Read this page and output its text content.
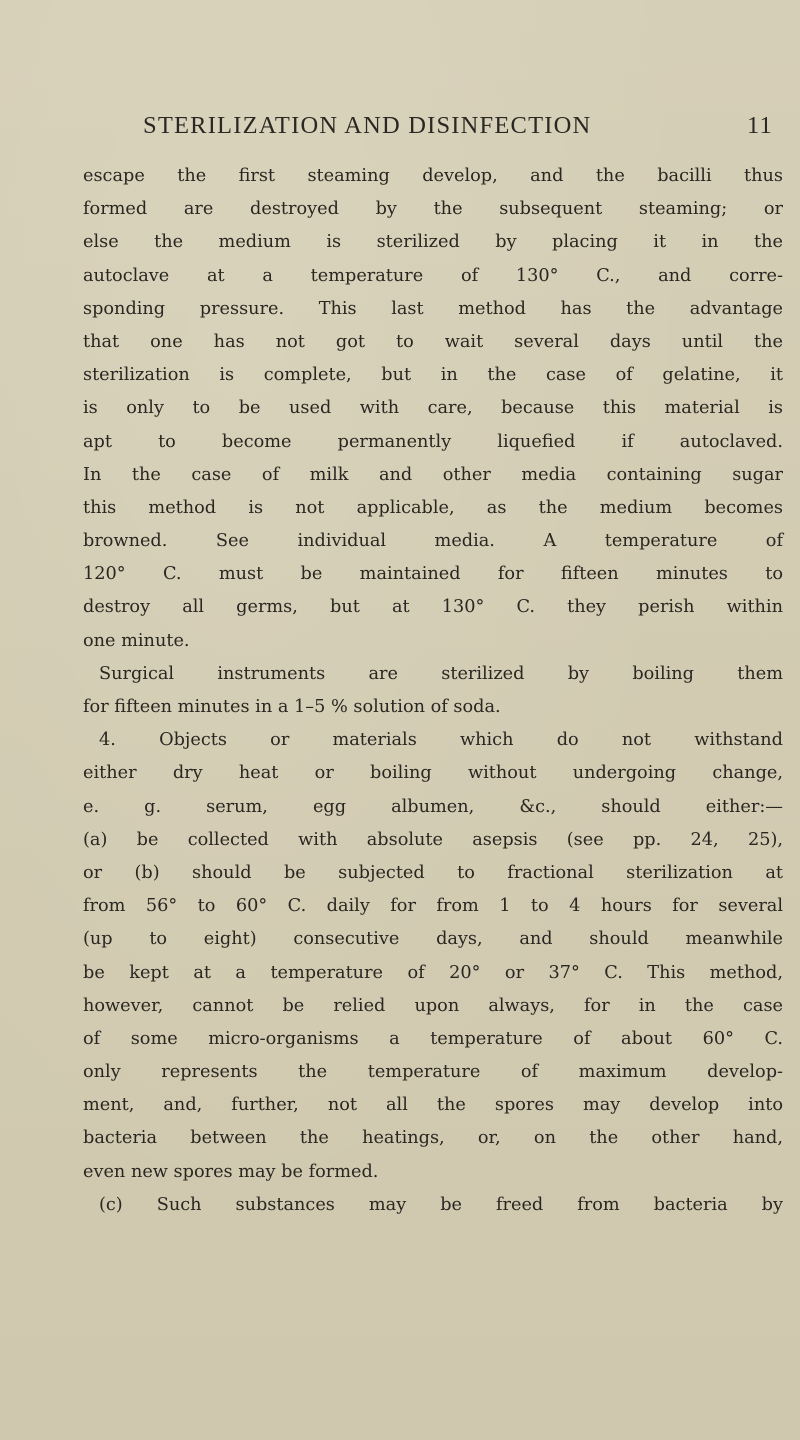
STERILIZATION AND DISINFECTION	11
escape the first steaming develop, and the bacilli thus
formed are destroyed by the subsequent steaming; or
else the medium is sterilized by placing it in the
autoclave at a temperature of 130° C., and corre-
sponding pressure. This last method has the advantage
that one has not got to wait several days until the
sterilization is complete, but in the case of gelatine, it
is only to be used with care, because this material is
apt to become permanently liquefied if autoclaved.
In the case of milk and other media containing sugar
this method is not applicable, as the medium becomes
browned. See individual media. A temperature of
120° C. must be maintained for fifteen minutes to
destroy all germs, but at 130° C. they perish within
one minute.
Surgical instruments are sterilized by boiling them
for fifteen minutes in a 1–5 % solution of soda.
4. Objects or materials which do not withstand
either dry heat or boiling without undergoing change,
e. g. serum, egg albumen, &c., should either:—
(a) be collected with absolute asepsis (see pp. 24, 25),
or (b) should be subjected to fractional sterilization at
from 56° to 60° C. daily for from 1 to 4 hours for several
(up to eight) consecutive days, and should meanwhile
be kept at a temperature of 20° or 37° C. This method,
however, cannot be relied upon always, for in the case
of some micro-organisms a temperature of about 60° C.
only represents the temperature of maximum develop-
ment, and, further, not all the spores may develop into
bacteria between the heatings, or, on the other hand,
even new spores may be formed.
(c) Such substances may be freed from bacteria by
